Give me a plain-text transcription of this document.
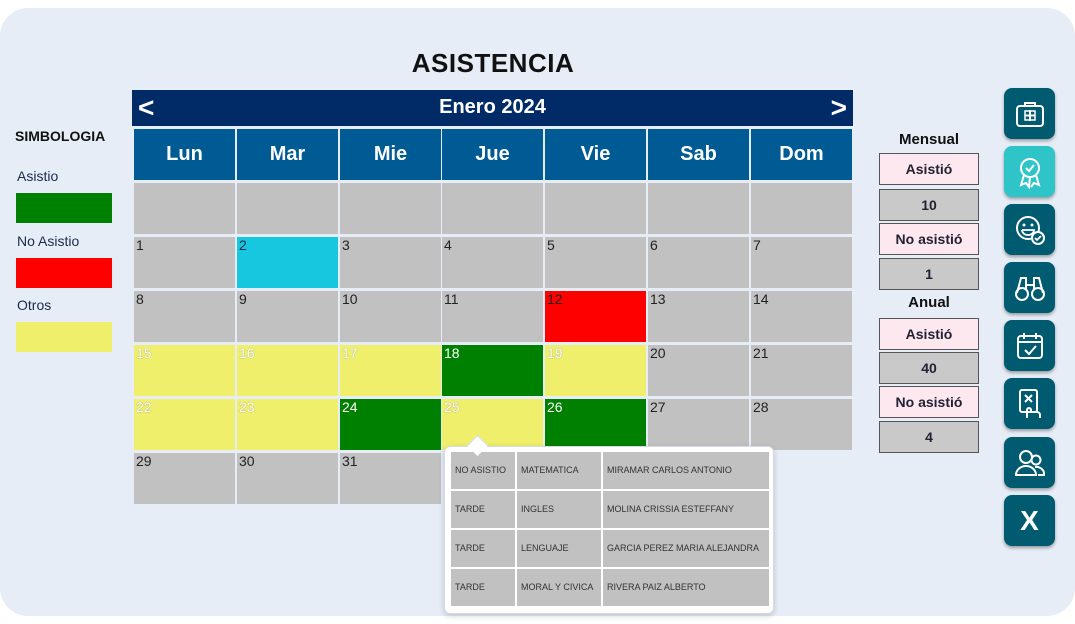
ASISTENCIA
SIMBOLOGIA
Asistio
No Asistio
Otros
<	Enero 2024	>
Lun	Mar	Mie	Jue	Vie	Sab	Dom
1	2	3	4	5	6	7
8	9	10	11	12	13	14
15	16	17	18	19	20	21
22	23	24	25	26	27	28
29	30	31
NO ASISTIO	MATEMATICA	MIRAMAR CARLOS ANTONIO
TARDE	INGLES	MOLINA CRISSIA ESTEFFANY
TARDE	LENGUAJE	GARCIA PEREZ MARIA ALEJANDRA
TARDE	MORAL Y CIVICA	RIVERA PAIZ ALBERTO
Mensual
Asistió
10
No asistió
1
Anual
Asistió
40
No asistió
4
X
